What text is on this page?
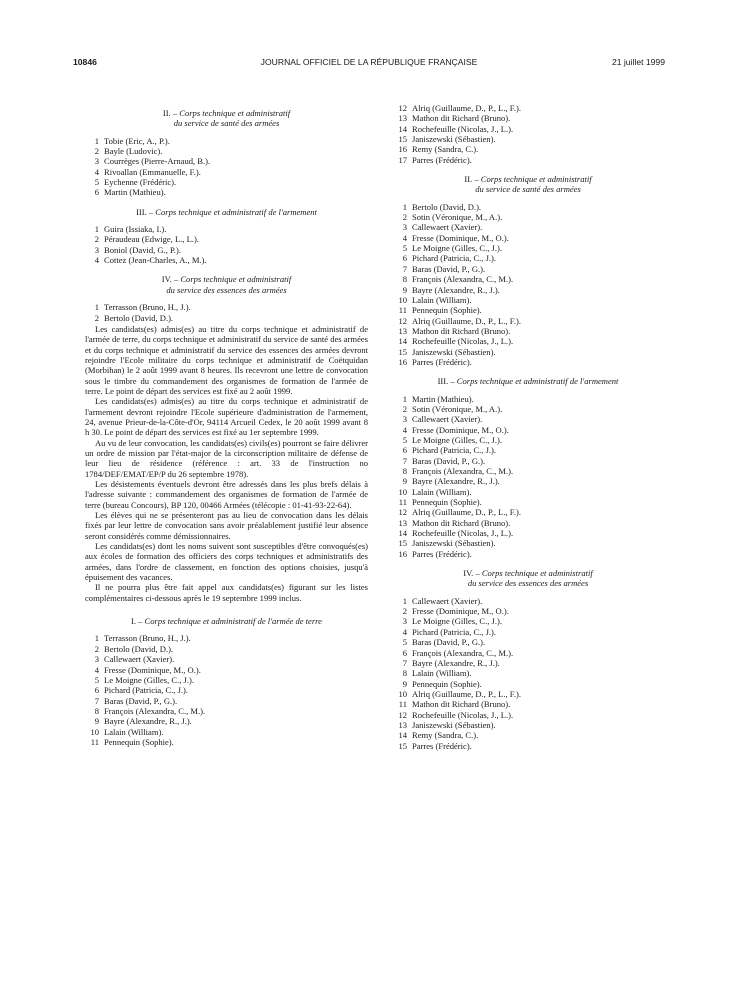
10846	JOURNAL OFFICIEL DE LA RÉPUBLIQUE FRANÇAISE	21 juillet 1999
II. – Corps technique et administratif
du service de santé des armées
1 Tobie (Eric, A., P.).
2 Bayle (Ludovic).
3 Courrèges (Pierre-Arnaud, B.).
4 Rivoallan (Emmanuelle, F.).
5 Eychenne (Frédéric).
6 Martin (Mathieu).
III. – Corps technique et administratif de l'armement
1 Guira (Issiaka, I.).
2 Péraudeau (Edwige, L., L.).
3 Boniol (David, G., P.).
4 Cottez (Jean-Charles, A., M.).
IV. – Corps technique et administratif
du service des essences des armées
1 Terrasson (Bruno, H., J.).
2 Bertolo (David, D.).

Les candidats(es) admis(es) au titre du corps technique et administratif de l'armée de terre, du corps technique et administratif du service de santé des armées et du corps technique et administratif du service des essences des armées devront rejoindre l'Ecole militaire du corps technique et administratif de Coëtquidan (Morbihan) le 2 août 1999 avant 8 heures. Ils recevront une lettre de convocation sous le timbre du commandement des organismes de formation de l'armée de terre. Le point de départ des services est fixé au 2 août 1999.

Les candidats(es) admis(es) au titre du corps technique et administratif de l'armement devront rejoindre l'Ecole supérieure d'administration de l'armement, 24, avenue Prieur-de-la-Côte-d'Or, 94114 Arcueil Cedex, le 20 août 1999 avant 8 h 30. Le point de départ des services est fixé au 1er septembre 1999.

Au vu de leur convocation, les candidats(es) civils(es) pourront se faire délivrer un ordre de mission par l'état-major de la circonscription militaire de défense de leur lieu de résidence (référence : art. 33 de l'instruction no 1784/DEF/EMAT/EP/P du 26 septembre 1978).

Les désistements éventuels devront être adressés dans les plus brefs délais à l'adresse suivante : commandement des organismes de formation de l'armée de terre (bureau Concours), BP 120, 00466 Armées (télécopie : 01-41-93-22-64).

Les élèves qui ne se présenteront pas au lieu de convocation dans les délais fixés par leur lettre de convocation sans avoir préalablement justifié leur absence seront considérés comme démissionnaires.

Les candidats(es) dont les noms suivent sont susceptibles d'être convoqués(es) aux écoles de formation des officiers des corps techniques et administratifs des armées, dans l'ordre de classement, en fonction des options choisies, jusqu'à épuisement des vacances.

Il ne pourra plus être fait appel aux candidats(es) figurant sur les listes complémentaires ci-dessous après le 19 septembre 1999 inclus.

I. – Corps technique et administratif de l'armée de terre
1 Terrasson (Bruno, H., J.).
2 Bertolo (David, D.).
3 Callewaert (Xavier).
4 Fresse (Dominique, M., O.).
5 Le Moigne (Gilles, C., J.).
6 Pichard (Patricia, C., J.).
7 Baras (David, P., G.).
8 François (Alexandra, C., M.).
9 Bayre (Alexandre, R., J.).
10 Lalain (William).
11 Pennequin (Sophie).
12 Alriq (Guillaume, D., P., L., F.).
13 Mathon dit Richard (Bruno).
14 Rochefeuille (Nicolas, J., L.).
15 Janiszewski (Sébastien).
16 Remy (Sandra, C.).
17 Parres (Frédéric).
II. – Corps technique et administratif
du service de santé des armées
1 Bertolo (David, D.).
2 Sotin (Véronique, M., A.).
3 Callewaert (Xavier).
4 Fresse (Dominique, M., O.).
5 Le Moigne (Gilles, C., J.).
6 Pichard (Patricia, C., J.).
7 Baras (David, P., G.).
8 François (Alexandra, C., M.).
9 Bayre (Alexandre, R., J.).
10 Lalain (William).
11 Pennequin (Sophie).
12 Alriq (Guillaume, D., P., L., F.).
13 Mathon dit Richard (Bruno).
14 Rochefeuille (Nicolas, J., L.).
15 Janiszewski (Sébastien).
16 Parres (Frédéric).
III. – Corps technique et administratif de l'armement
1 Martin (Mathieu).
2 Sotin (Véronique, M., A.).
3 Callewaert (Xavier).
4 Fresse (Dominique, M., O.).
5 Le Moigne (Gilles, C., J.).
6 Pichard (Patricia, C., J.).
7 Baras (David, P., G.).
8 François (Alexandra, C., M.).
9 Bayre (Alexandre, R., J.).
10 Lalain (William).
11 Pennequin (Sophie).
12 Alriq (Guillaume, D., P., L., F.).
13 Mathon dit Richard (Bruno).
14 Rochefeuille (Nicolas, J., L.).
15 Janiszewski (Sébastien).
16 Parres (Frédéric).
IV. – Corps technique et administratif
du service des essences des armées
1 Callewaert (Xavier).
2 Fresse (Dominique, M., O.).
3 Le Moigne (Gilles, C., J.).
4 Pichard (Patricia, C., J.).
5 Baras (David, P., G.).
6 François (Alexandra, C., M.).
7 Bayre (Alexandre, R., J.).
8 Lalain (William).
9 Pennequin (Sophie).
10 Alriq (Guillaume, D., P., L., F.).
11 Mathon dit Richard (Bruno).
12 Rochefeuille (Nicolas, J., L.).
13 Janiszewski (Sébastien).
14 Remy (Sandra, C.).
15 Parres (Frédéric).
